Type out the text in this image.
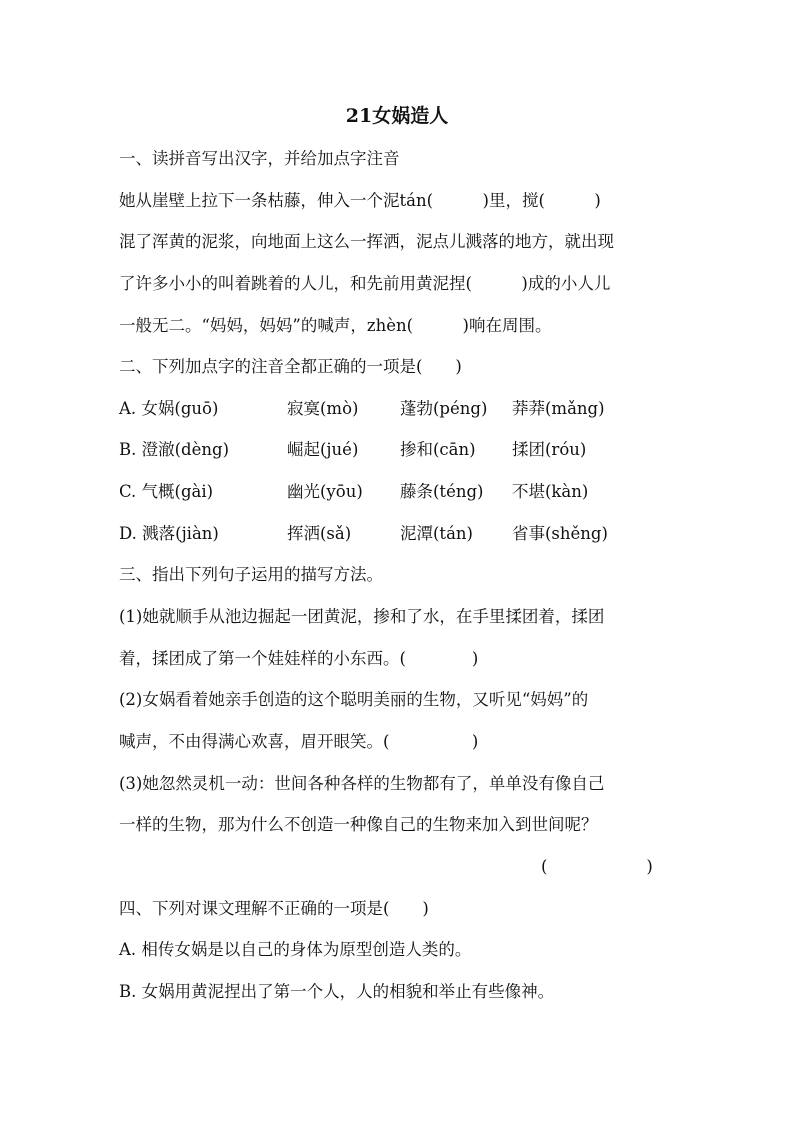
21女娲造人
一、读拼音写出汉字，并给加点字注音
她从崖壁上拉下一条枯藤，伸入一个泥tán(　　　)里，搅(　　　)
混了浑黄的泥浆，向地面上这么一挥洒，泥点儿溅落的地方，就出现
了许多小小的叫着跳着的人儿，和先前用黄泥捏(　　　)成的小人儿
一般无二。“妈妈，妈妈”的喊声，zhèn(　　　)响在周围。
二、下列加点字的注音全都正确的一项是(　　)
A. 女娲(guō)	寂寞(mò)	蓬勃(péng) 莽莽(mǎng)
B. 澄澈(dèng)	崛起(jué)	掺和(cān) 揉团(róu)
C. 气概(gài)	幽光(yōu) 藤条(téng) 不堪(kàn)
D. 溅落(jiàn)	挥洒(sǎ)	泥潭(tán) 省事(shěng)
三、指出下列句子运用的描写方法。
(1)她就顺手从池边掘起一团黄泥，掺和了水，在手里揉团着，揉团
着，揉团成了第一个娃娃样的小东西。(　　　　)
(2)女娲看着她亲手创造的这个聪明美丽的生物，又听见“妈妈”的
喊声，不由得满心欢喜，眉开眼笑。(　　　　　)
(3)她忽然灵机一动：世间各种各样的生物都有了，单单没有像自己
一样的生物，那为什么不创造一种像自己的生物来加入到世间呢？
(　　　　　　)
四、下列对课文理解不正确的一项是(　　)
A. 相传女娲是以自己的身体为原型创造人类的。
B. 女娲用黄泥捏出了第一个人，人的相貌和举止有些像神。
